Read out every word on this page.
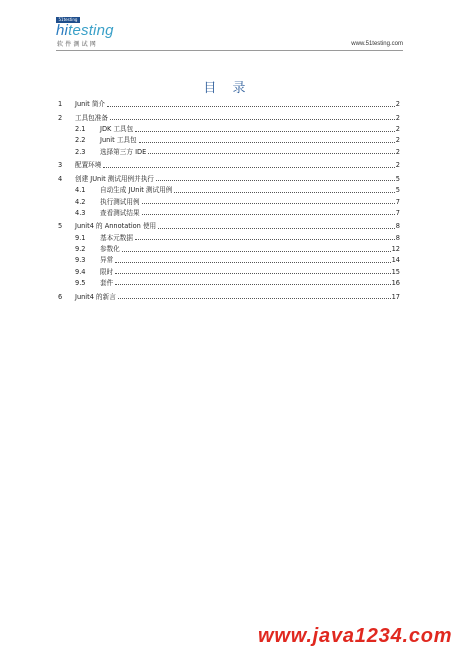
51testing
hitesting
软件测试网	www.51testing.com
目 录
1	Junit 简介	2
2	工具包准备	2
2.1	JDK 工具包	2
2.2	Junit 工具包	2
2.3	选择第三方 IDE	2
3	配置环境	2
4	创建 JUnit 测试用例并执行	5
4.1	自动生成 JUnit 测试用例	5
4.2	执行测试用例	7
4.3	查看测试结果	7
5	Junit4 的 Annotation 使用	8
9.1	基本元数据	8
9.2	参数化	12
9.3	异常	14
9.4	限时	15
9.5	套件	16
6	Junit4 的新言	17
www.java1234.com
